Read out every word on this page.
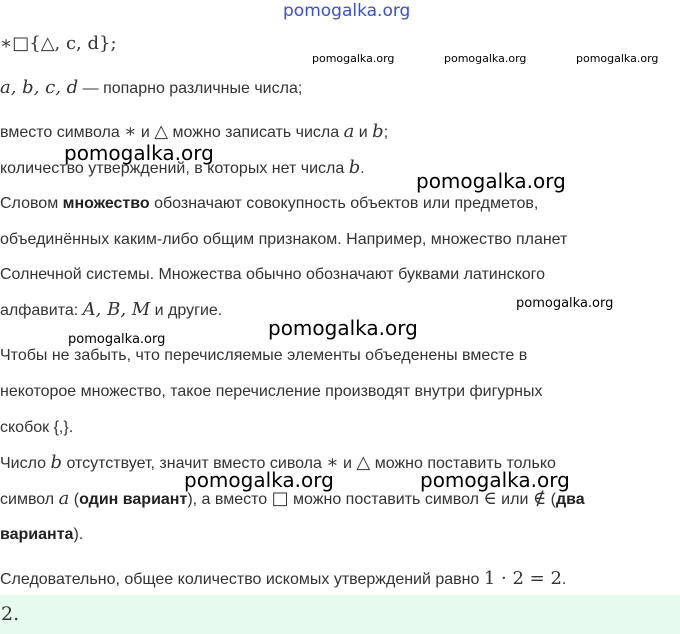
pomogalka.org
pomogalka.org	pomogalka.org	pomogalka.org
pomogalka.org
pomogalka.org
pomogalka.org
pomogalka.org
pomogalka.org
pomogalka.org	pomogalka.org
∗□{△, c, d};
a, b, c, d — попарно различные числа;
вместо символа ∗ и △ можно записать числа a и b;
количество утверждений, в которых нет числа b.
Словом множество обозначают совокупность объектов или предметов,
объединённых каким-либо общим признаком. Например, множество планет
Солнечной системы. Множества обычно обозначают буквами латинского
алфавита: A, B, M и другие.
Чтобы не забыть, что перечисляемые элементы объеденены вместе в
некоторое множество, такое перечисление производят внутри фигурных
скобок {,}.
Число b отсутствует, значит вместо сивола ∗ и △ можно поставить только
символ a (один вариант), а вместо □ можно поставить символ ∈ или ∉ (два
варианта).
Следовательно, общее количество искомых утверждений равно 1 · 2 = 2.
2.
